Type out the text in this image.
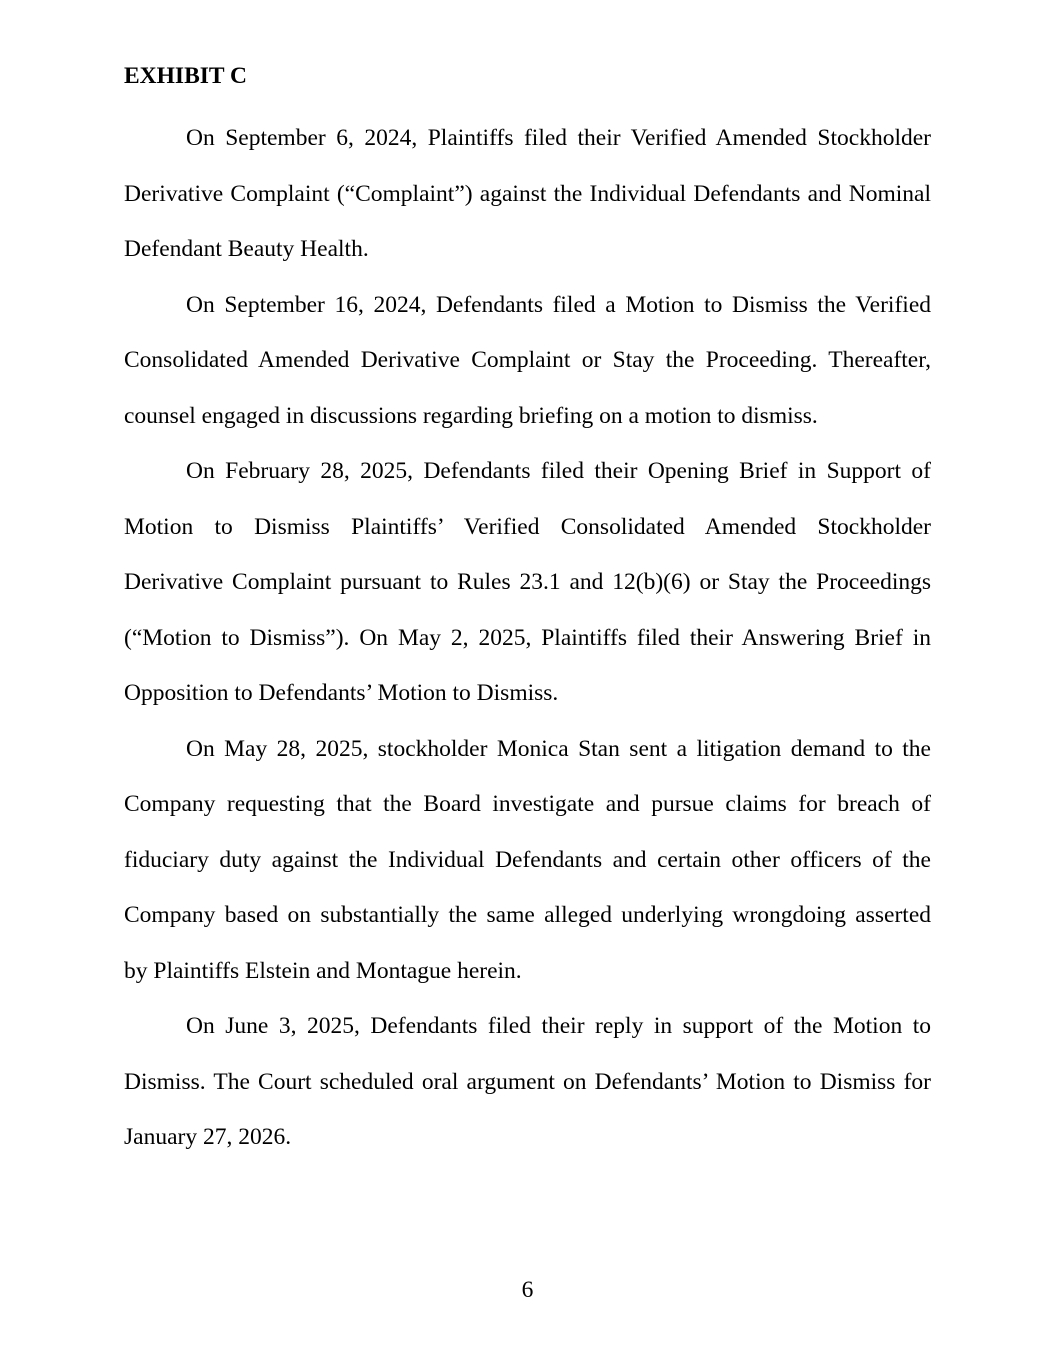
EXHIBIT C
On September 6, 2024, Plaintiffs filed their Verified Amended Stockholder
Derivative Complaint (“Complaint”) against the Individual Defendants and Nominal
Defendant Beauty Health.
On September 16, 2024, Defendants filed a Motion to Dismiss the Verified
Consolidated Amended Derivative Complaint or Stay the Proceeding. Thereafter,
counsel engaged in discussions regarding briefing on a motion to dismiss.
On February 28, 2025, Defendants filed their Opening Brief in Support of
Motion to Dismiss Plaintiffs’ Verified Consolidated Amended Stockholder
Derivative Complaint pursuant to Rules 23.1 and 12(b)(6) or Stay the Proceedings
(“Motion to Dismiss”). On May 2, 2025, Plaintiffs filed their Answering Brief in
Opposition to Defendants’ Motion to Dismiss.
On May 28, 2025, stockholder Monica Stan sent a litigation demand to the
Company requesting that the Board investigate and pursue claims for breach of
fiduciary duty against the Individual Defendants and certain other officers of the
Company based on substantially the same alleged underlying wrongdoing asserted
by Plaintiffs Elstein and Montague herein.
On June 3, 2025, Defendants filed their reply in support of the Motion to
Dismiss. The Court scheduled oral argument on Defendants’ Motion to Dismiss for
January 27, 2026.
6
